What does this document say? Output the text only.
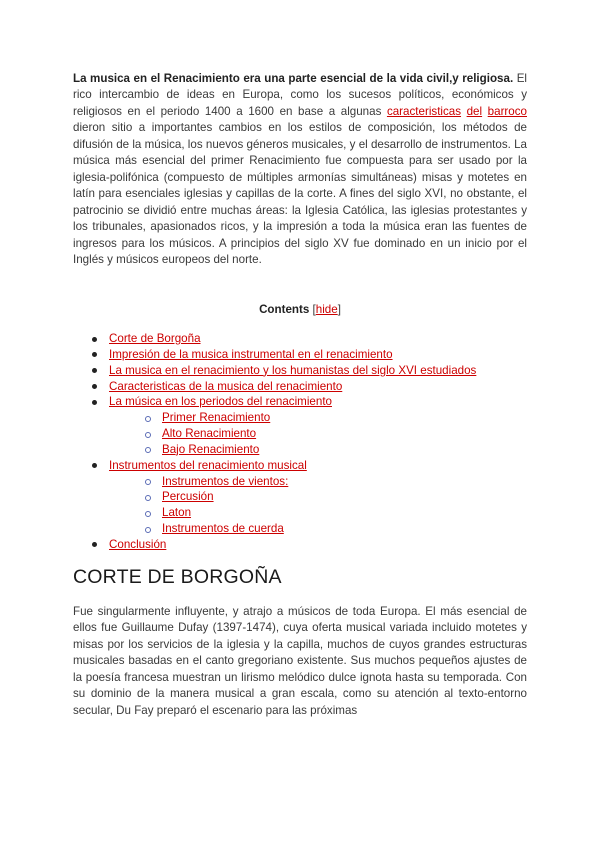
La musica en el Renacimiento era una parte esencial de la vida civil,y religiosa. El rico intercambio de ideas en Europa, como los sucesos políticos, económicos y religiosos en el periodo 1400 a 1600 en base a algunas caracteristicas del barroco dieron sitio a importantes cambios en los estilos de composición, los métodos de difusión de la música, los nuevos géneros musicales, y el desarrollo de instrumentos. La música más esencial del primer Renacimiento fue compuesta para ser usado por la iglesia-polifónica (compuesto de múltiples armonías simultáneas) misas y motetes en latín para esenciales iglesias y capillas de la corte. A fines del siglo XVI, no obstante, el patrocinio se dividió entre muchas áreas: la Iglesia Católica, las iglesias protestantes y los tribunales, apasionados ricos, y la impresión a toda la música eran las fuentes de ingresos para los músicos. A principios del siglo XV fue dominado en un inicio por el Inglés y músicos europeos del norte.

Contents [hide]

Corte de Borgoña
Impresión de la musica instrumental en el renacimiento
La musica en el renacimiento y los humanistas del siglo XVI estudiados
Caracteristicas de la musica del renacimiento
La música en los periodos del renacimiento
Primer Renacimiento
Alto Renacimiento
Bajo Renacimiento
Instrumentos del renacimiento musical
Instrumentos de vientos:
Percusión
Laton
Instrumentos de cuerda
Conclusión
CORTE DE BORGOÑA

Fue singularmente influyente, y atrajo a músicos de toda Europa. El más esencial de ellos fue Guillaume Dufay (1397-1474), cuya oferta musical variada incluido motetes y misas por los servicios de la iglesia y la capilla, muchos de cuyos grandes estructuras musicales basadas en el canto gregoriano existente. Sus muchos pequeños ajustes de la poesía francesa muestran un lirismo melódico dulce ignota hasta su temporada. Con su dominio de la manera musical a gran escala, como su atención al texto-entorno secular, Du Fay preparó el escenario para las próximas
